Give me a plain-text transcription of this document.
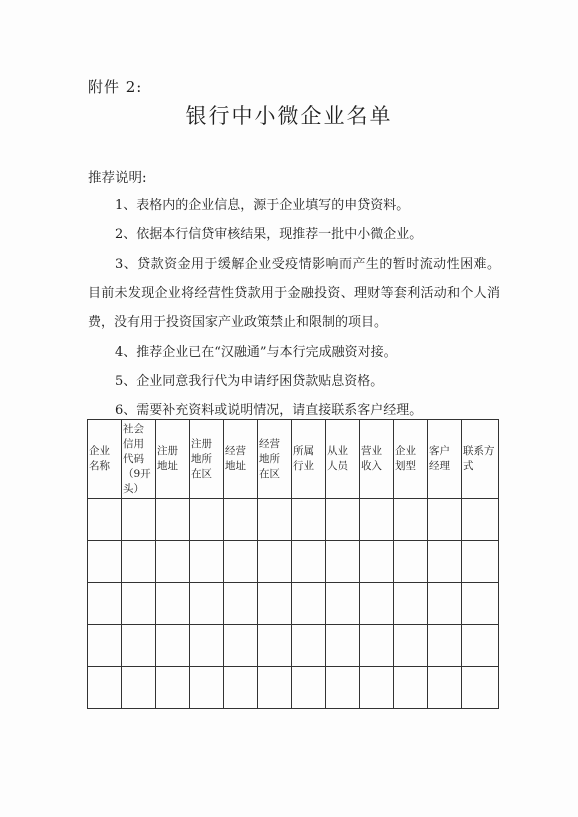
附件 2:
银行中小微企业名单
推荐说明:
1、表格内的企业信息，源于企业填写的申贷资料。
2、依据本行信贷审核结果，现推荐一批中小微企业。
3、贷款资金用于缓解企业受疫情影响而产生的暂时流动性困难。目前未发现企业将经营性贷款用于金融投资、理财等套利活动和个人消费，没有用于投资国家产业政策禁止和限制的项目。
4、推荐企业已在“汉融通”与本行完成融资对接。
5、企业同意我行代为申请纾困贷款贴息资格。
6、需要补充资料或说明情况，请直接联系客户经理。
企业名称	社会信用代码（9开头）	注册地址	注册地所在区	经营地址	经营地所在区	所属行业	从业人员	营业收入	企业划型	客户经理	联系方式
